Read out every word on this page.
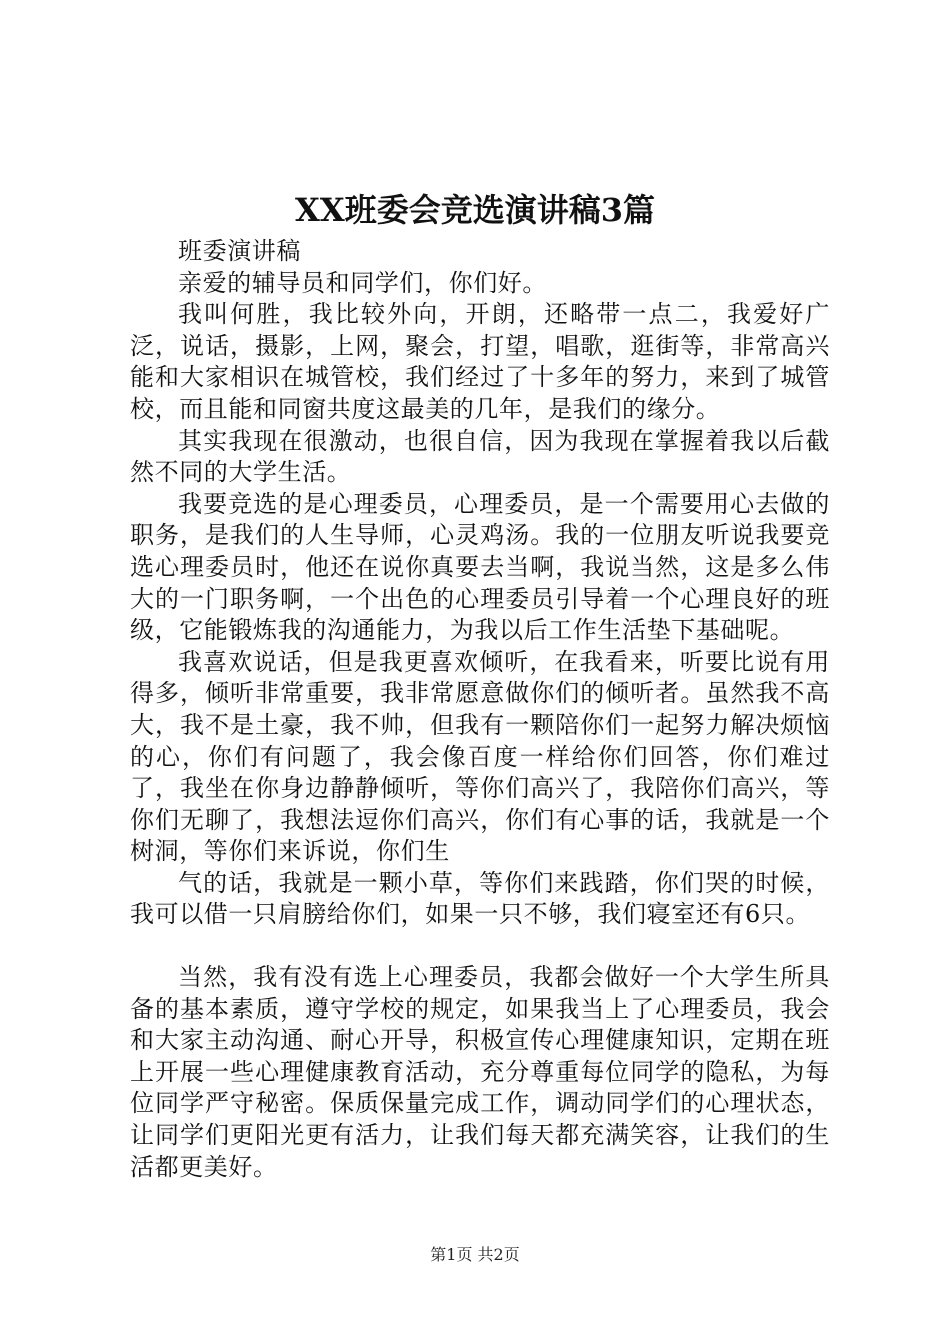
XX班委会竞选演讲稿3篇

班委演讲稿

亲爱的辅导员和同学们，你们好。

我叫何胜，我比较外向，开朗，还略带一点二，我爱好广泛，说话，摄影，上网，聚会，打望，唱歌，逛街等，非常高兴能和大家相识在城管校，我们经过了十多年的努力，来到了城管校，而且能和同窗共度这最美的几年，是我们的缘分。

其实我现在很激动，也很自信，因为我现在掌握着我以后截然不同的大学生活。

我要竞选的是心理委员，心理委员，是一个需要用心去做的职务，是我们的人生导师，心灵鸡汤。我的一位朋友听说我要竞选心理委员时，他还在说你真要去当啊，我说当然，这是多么伟大的一门职务啊，一个出色的心理委员引导着一个心理良好的班级，它能锻炼我的沟通能力，为我以后工作生活垫下基础呢。

我喜欢说话，但是我更喜欢倾听，在我看来，听要比说有用得多，倾听非常重要，我非常愿意做你们的倾听者。虽然我不高大，我不是土豪，我不帅，但我有一颗陪你们一起努力解决烦恼的心，你们有问题了，我会像百度一样给你们回答，你们难过了，我坐在你身边静静倾听，等你们高兴了，我陪你们高兴，等你们无聊了，我想法逗你们高兴，你们有心事的话，我就是一个树洞，等你们来诉说，你们生

气的话，我就是一颗小草，等你们来践踏，你们哭的时候，我可以借一只肩膀给你们，如果一只不够，我们寝室还有6只。

当然，我有没有选上心理委员，我都会做好一个大学生所具备的基本素质，遵守学校的规定，如果我当上了心理委员，我会和大家主动沟通、耐心开导，积极宣传心理健康知识，定期在班上开展一些心理健康教育活动，充分尊重每位同学的隐私，为每位同学严守秘密。保质保量完成工作，调动同学们的心理状态，让同学们更阳光更有活力，让我们每天都充满笑容，让我们的生活都更美好。

第1页 共2页
